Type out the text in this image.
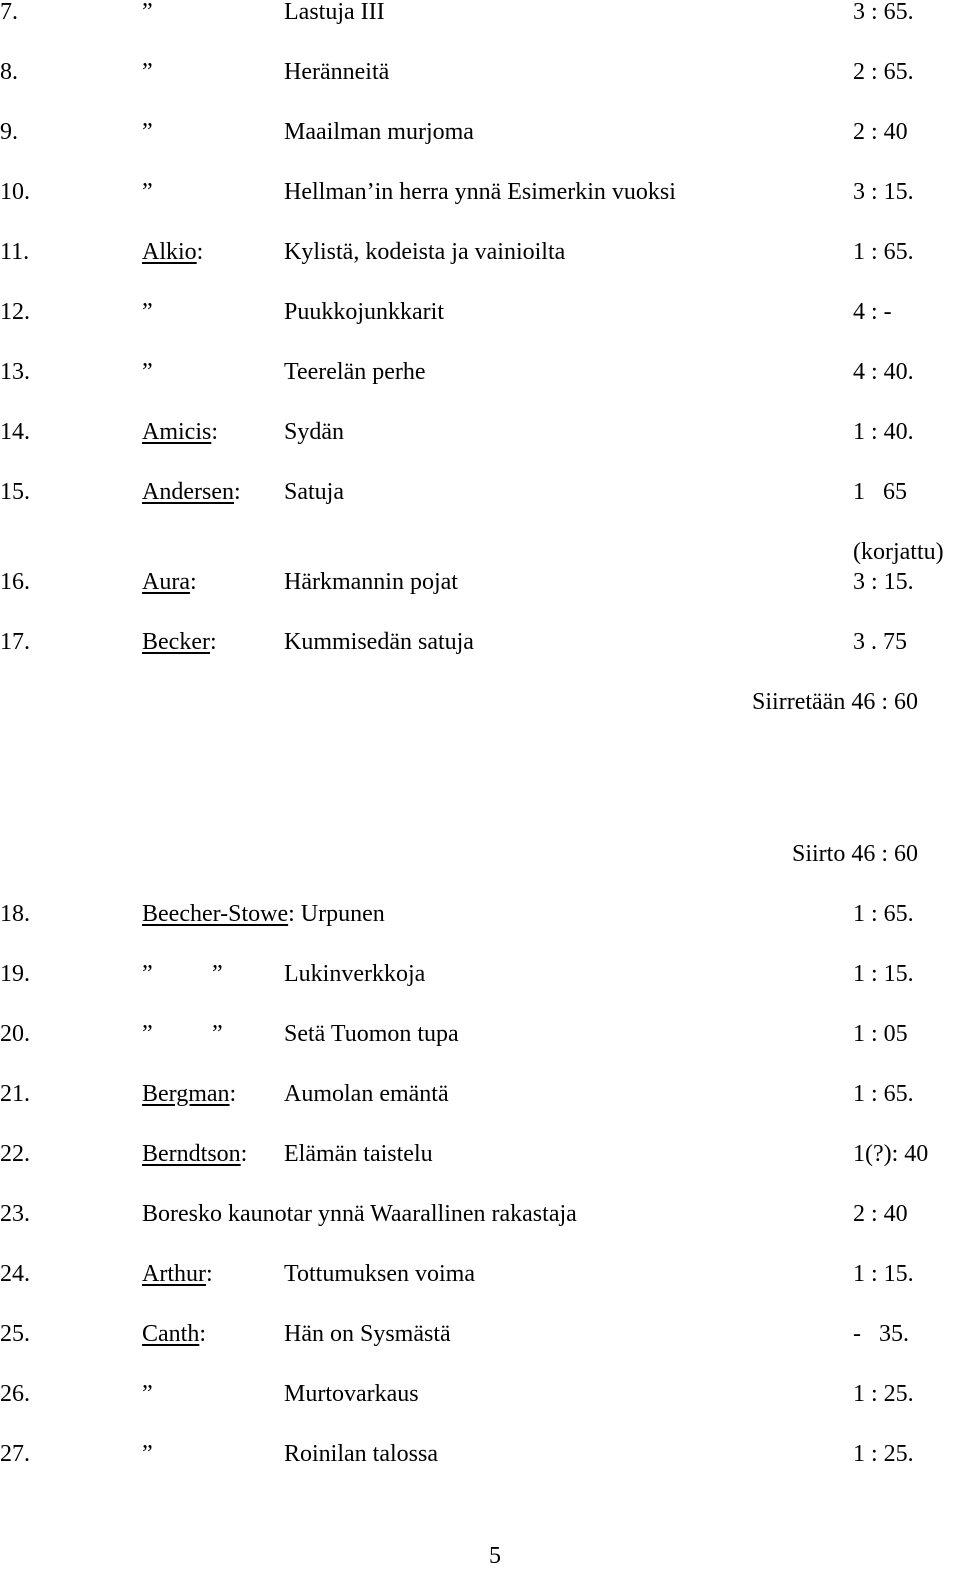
7.	”	Lastuja III	3 : 65.
8.	”	Heränneitä	2 : 65.
9.	”	Maailman murjoma	2 : 40
10.	”	Hellman’in herra ynnä Esimerkin vuoksi	3 : 15.
11.	Alkio:	Kylistä, kodeista ja vainioilta	1 : 65.
12.	”	Puukkojunkkarit	4 : -
13.	”	Teerelän perhe	4 : 40.
14.	Amicis:	Sydän	1 : 40.
15.	Andersen: Satuja	1   65
(korjattu)
16.	Aura:	Härkmannin pojat	3 : 15.
17.	Becker:	Kummisedän satuja	3 . 75
Siirretään 46 : 60
Siirto 46 : 60
18.	Beecher-Stowe: Urpunen	1 : 65.
19.	” ”	Lukinverkkoja	1 : 15.
20.	” ”	Setä Tuomon tupa	1 : 05
21.	Bergman: Aumolan emäntä	1 : 65.
22.	Berndtson: Elämän taistelu	1(?): 40
23.	Boresko kaunotar ynnä Waarallinen rakastaja	2 : 40
24.	Arthur:	Tottumuksen voima	1 : 15.
25.	Canth:	Hän on Sysmästä	-   35.
26.	”	Murtovarkaus	1 : 25.
27.	”	Roinilan talossa	1 : 25.
5
